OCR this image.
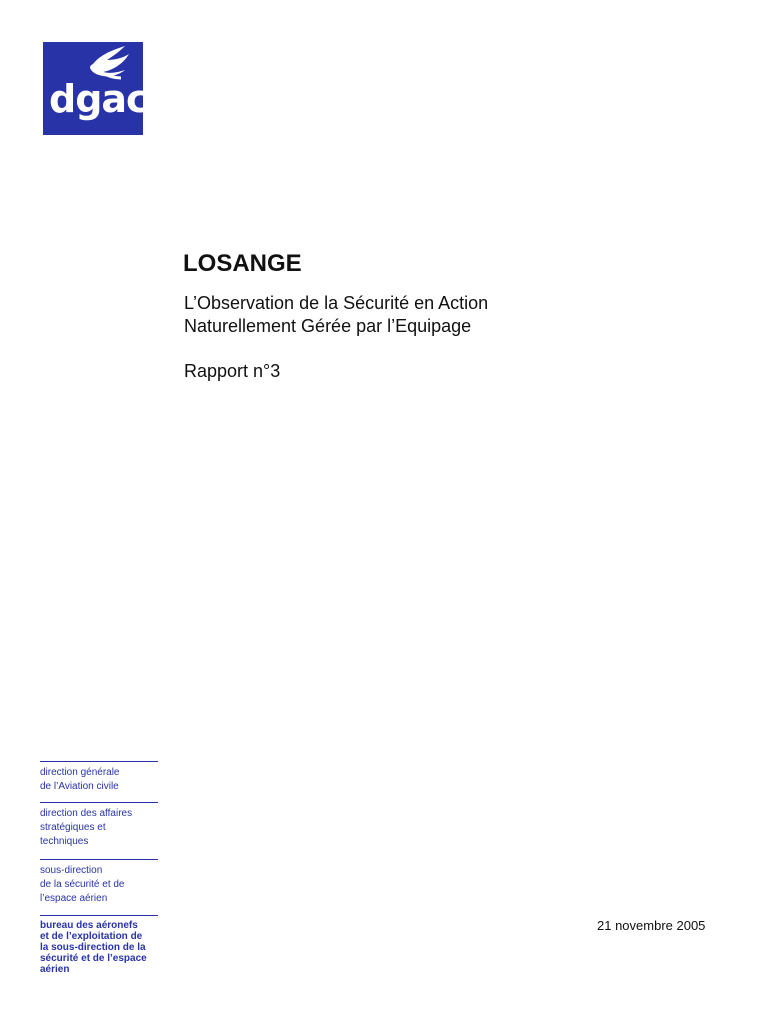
dgac
LOSANGE
L’Observation de la Sécurité en Action
Naturellement Gérée par l’Equipage
Rapport n°3
direction générale
de l’Aviation civile
direction des affaires
stratégiques et
techniques
sous-direction
de la sécurité et de
l’espace aérien
bureau des aéronefs
et de l’exploitation de
la sous-direction de la
sécurité et de l’espace
aérien
21 novembre 2005
